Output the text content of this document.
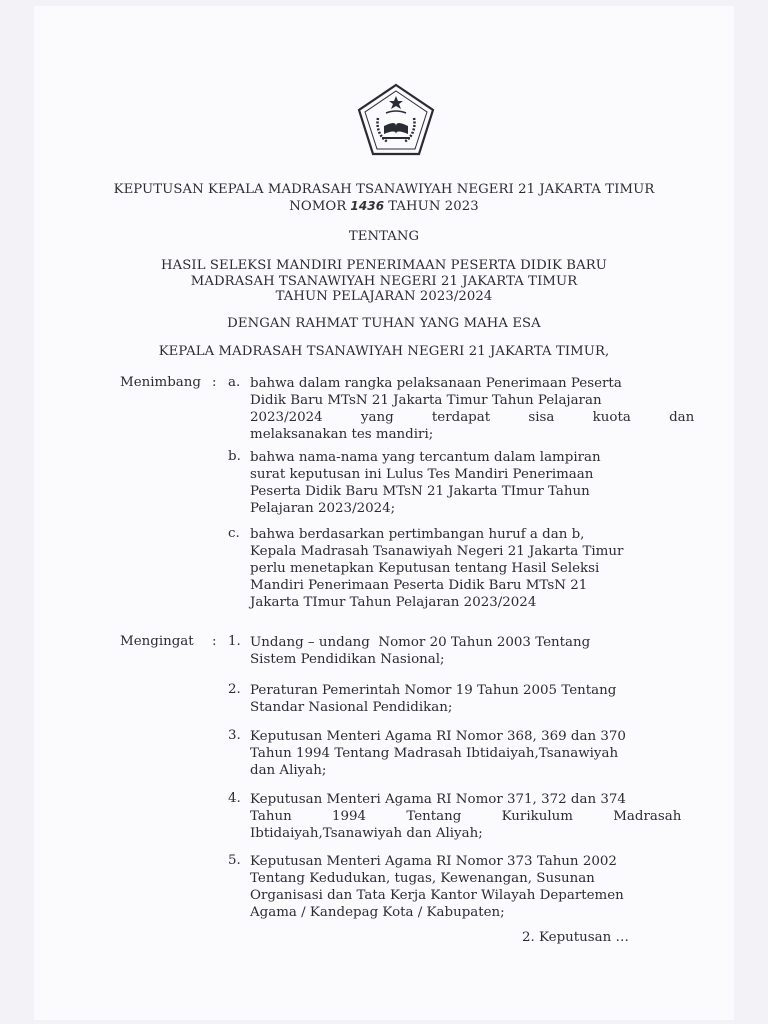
KEPUTUSAN KEPALA MADRASAH TSANAWIYAH NEGERI 21 JAKARTA TIMUR
NOMOR 1436 TAHUN 2023
TENTANG
HASIL SELEKSI MANDIRI PENERIMAAN PESERTA DIDIK BARU
MADRASAH TSANAWIYAH NEGERI 21 JAKARTA TIMUR
TAHUN PELAJARAN 2023/2024
DENGAN RAHMAT TUHAN YANG MAHA ESA
KEPALA MADRASAH TSANAWIYAH NEGERI 21 JAKARTA TIMUR,
Menimbang : a. bahwa dalam rangka pelaksanaan Penerimaan Peserta
Didik Baru MTsN 21 Jakarta Timur Tahun Pelajaran
2023/2024 yang terdapat sisa kuota dan
melaksanakan tes mandiri;
b. bahwa nama-nama yang tercantum dalam lampiran
surat keputusan ini Lulus Tes Mandiri Penerimaan
Peserta Didik Baru MTsN 21 Jakarta TImur Tahun
Pelajaran 2023/2024;
c. bahwa berdasarkan pertimbangan huruf a dan b,
Kepala Madrasah Tsanawiyah Negeri 21 Jakarta Timur
perlu menetapkan Keputusan tentang Hasil Seleksi
Mandiri Penerimaan Peserta Didik Baru MTsN 21
Jakarta TImur Tahun Pelajaran 2023/2024
Mengingat : 1. Undang – undang  Nomor 20 Tahun 2003 Tentang
Sistem Pendidikan Nasional;
2. Peraturan Pemerintah Nomor 19 Tahun 2005 Tentang
Standar Nasional Pendidikan;
3. Keputusan Menteri Agama RI Nomor 368, 369 dan 370
Tahun 1994 Tentang Madrasah Ibtidaiyah,Tsanawiyah
dan Aliyah;
4. Keputusan Menteri Agama RI Nomor 371, 372 dan 374
Tahun 1994 Tentang Kurikulum Madrasah
Ibtidaiyah,Tsanawiyah dan Aliyah;
5. Keputusan Menteri Agama RI Nomor 373 Tahun 2002
Tentang Kedudukan, tugas, Kewenangan, Susunan
Organisasi dan Tata Kerja Kantor Wilayah Departemen
Agama / Kandepag Kota / Kabupaten;
2. Keputusan …
